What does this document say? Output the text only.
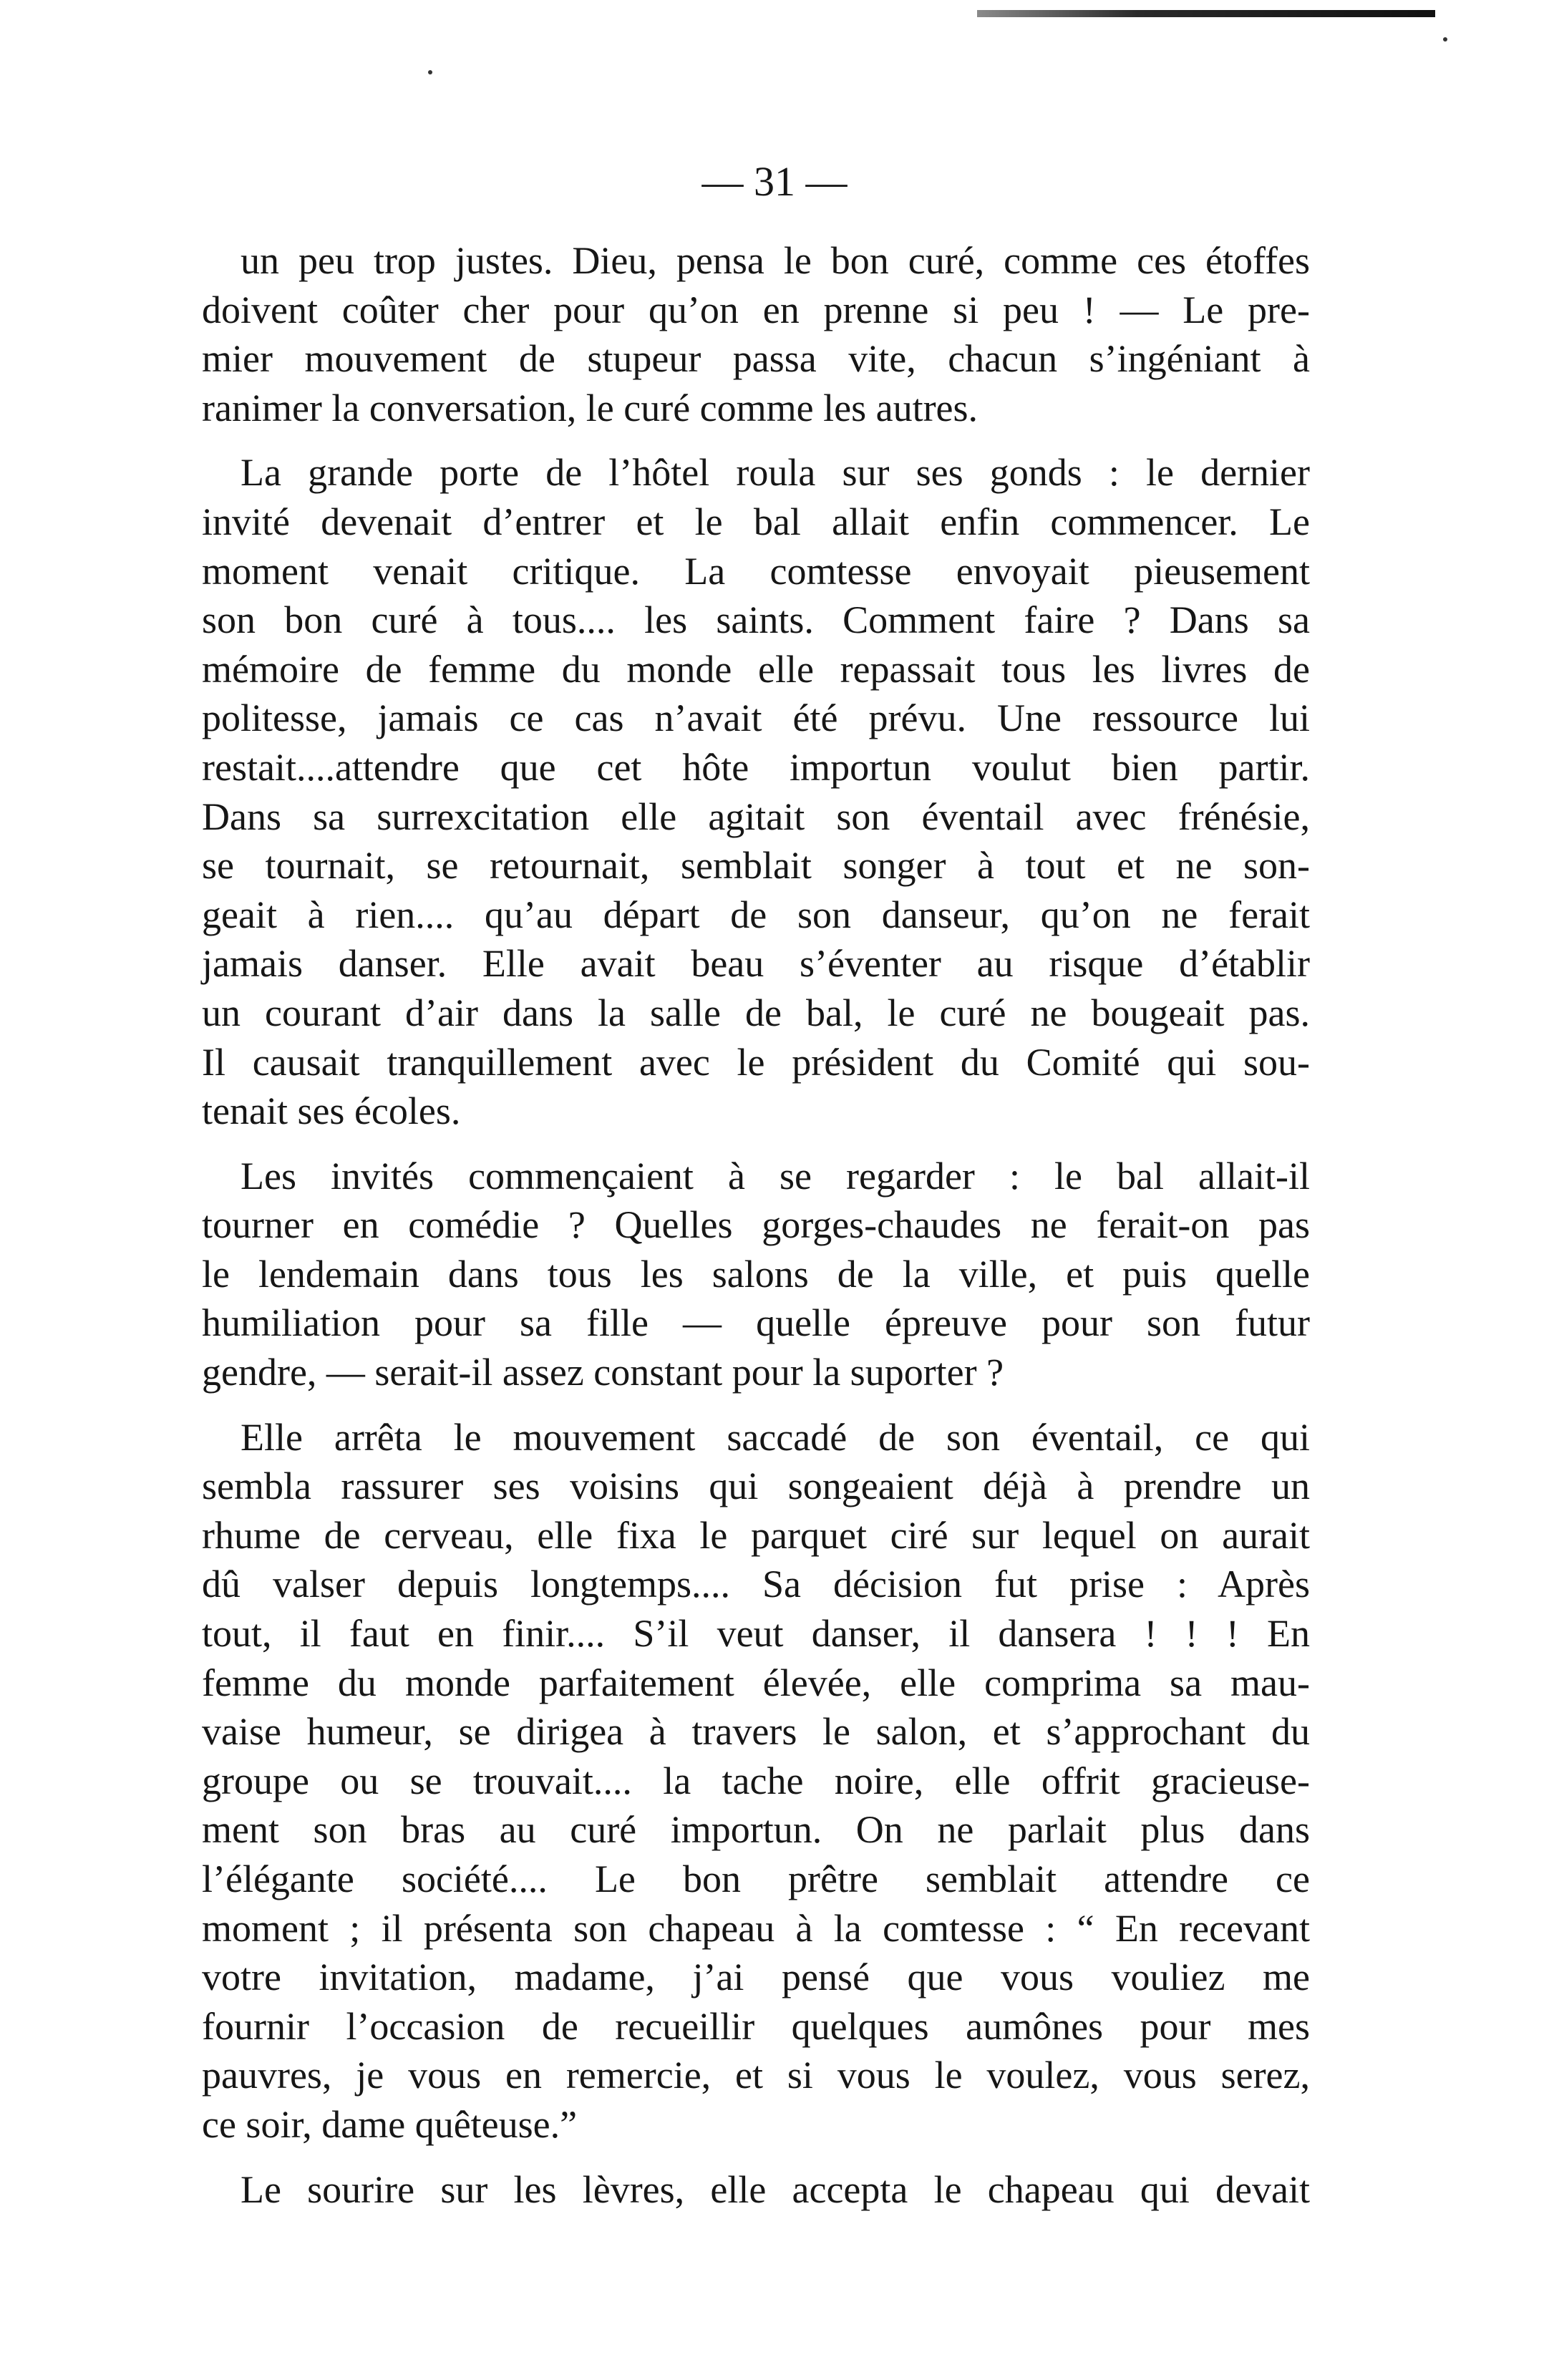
— 31 —
un peu trop justes. Dieu, pensa le bon curé, comme ces étoffes
doivent coûter cher pour qu’on en prenne si peu ! — Le pre-
mier mouvement de stupeur passa vite, chacun s’ingéniant à
ranimer la conversation, le curé comme les autres.
La grande porte de l’hôtel roula sur ses gonds : le dernier
invité devenait d’entrer et le bal allait enfin commencer. Le
moment venait critique. La comtesse envoyait pieusement
son bon curé à tous.... les saints. Comment faire ? Dans sa
mémoire de femme du monde elle repassait tous les livres de
politesse, jamais ce cas n’avait été prévu. Une ressource lui
restait....attendre que cet hôte importun voulut bien partir.
Dans sa surrexcitation elle agitait son éventail avec frénésie,
se tournait, se retournait, semblait songer à tout et ne son-
geait à rien.... qu’au départ de son danseur, qu’on ne ferait
jamais danser. Elle avait beau s’éventer au risque d’établir
un courant d’air dans la salle de bal, le curé ne bougeait pas.
Il causait tranquillement avec le président du Comité qui sou-
tenait ses écoles.
Les invités commençaient à se regarder : le bal allait-il
tourner en comédie ? Quelles gorges-chaudes ne ferait-on pas
le lendemain dans tous les salons de la ville, et puis quelle
humiliation pour sa fille — quelle épreuve pour son futur
gendre, — serait-il assez constant pour la suporter ?
Elle arrêta le mouvement saccadé de son éventail, ce qui
sembla rassurer ses voisins qui songeaient déjà à prendre un
rhume de cerveau, elle fixa le parquet ciré sur lequel on aurait
dû valser depuis longtemps.... Sa décision fut prise : Après
tout, il faut en finir.... S’il veut danser, il dansera ! ! ! En
femme du monde parfaitement élevée, elle comprima sa mau-
vaise humeur, se dirigea à travers le salon, et s’approchant du
groupe ou se trouvait.... la tache noire, elle offrit gracieuse-
ment son bras au curé importun. On ne parlait plus dans
l’élégante société.... Le bon prêtre semblait attendre ce
moment ; il présenta son chapeau à la comtesse : “ En recevant
votre invitation, madame, j’ai pensé que vous vouliez me
fournir l’occasion de recueillir quelques aumônes pour mes
pauvres, je vous en remercie, et si vous le voulez, vous serez,
ce soir, dame quêteuse.”
Le sourire sur les lèvres, elle accepta le chapeau qui devait
